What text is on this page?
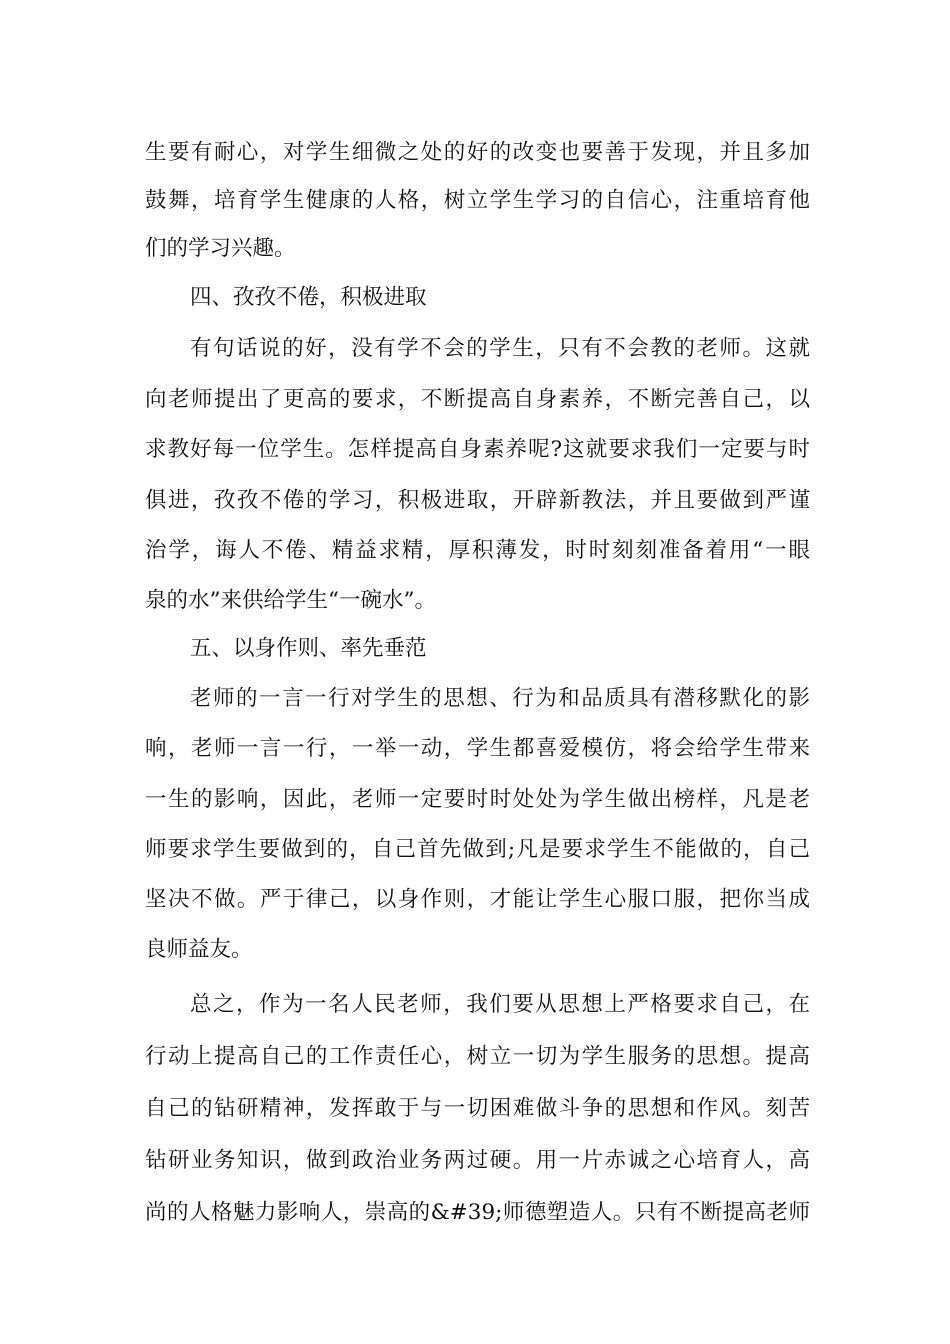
生要有耐心，对学生细微之处的好的改变也要善于发现，并且多加
鼓舞，培育学生健康的人格，树立学生学习的自信心，注重培育他
们的学习兴趣。
四、孜孜不倦，积极进取
有句话说的好，没有学不会的学生，只有不会教的老师。这就
向老师提出了更高的要求，不断提高自身素养，不断完善自己，以
求教好每一位学生。怎样提高自身素养呢?这就要求我们一定要与时
俱进，孜孜不倦的学习，积极进取，开辟新教法，并且要做到严谨
治学，诲人不倦、精益求精，厚积薄发，时时刻刻准备着用“一眼
泉的水”来供给学生“一碗水”。
五、以身作则、率先垂范
老师的一言一行对学生的思想、行为和品质具有潜移默化的影
响，老师一言一行，一举一动，学生都喜爱模仿，将会给学生带来
一生的影响，因此，老师一定要时时处处为学生做出榜样，凡是老
师要求学生要做到的，自己首先做到;凡是要求学生不能做的，自己
坚决不做。严于律己，以身作则，才能让学生心服口服，把你当成
良师益友。
总之，作为一名人民老师，我们要从思想上严格要求自己，在
行动上提高自己的工作责任心，树立一切为学生服务的思想。提高
自己的钻研精神，发挥敢于与一切困难做斗争的思想和作风。刻苦
钻研业务知识，做到政治业务两过硬。用一片赤诚之心培育人，高
尚的人格魅力影响人，崇高的&#39;师德塑造人。只有不断提高老师
